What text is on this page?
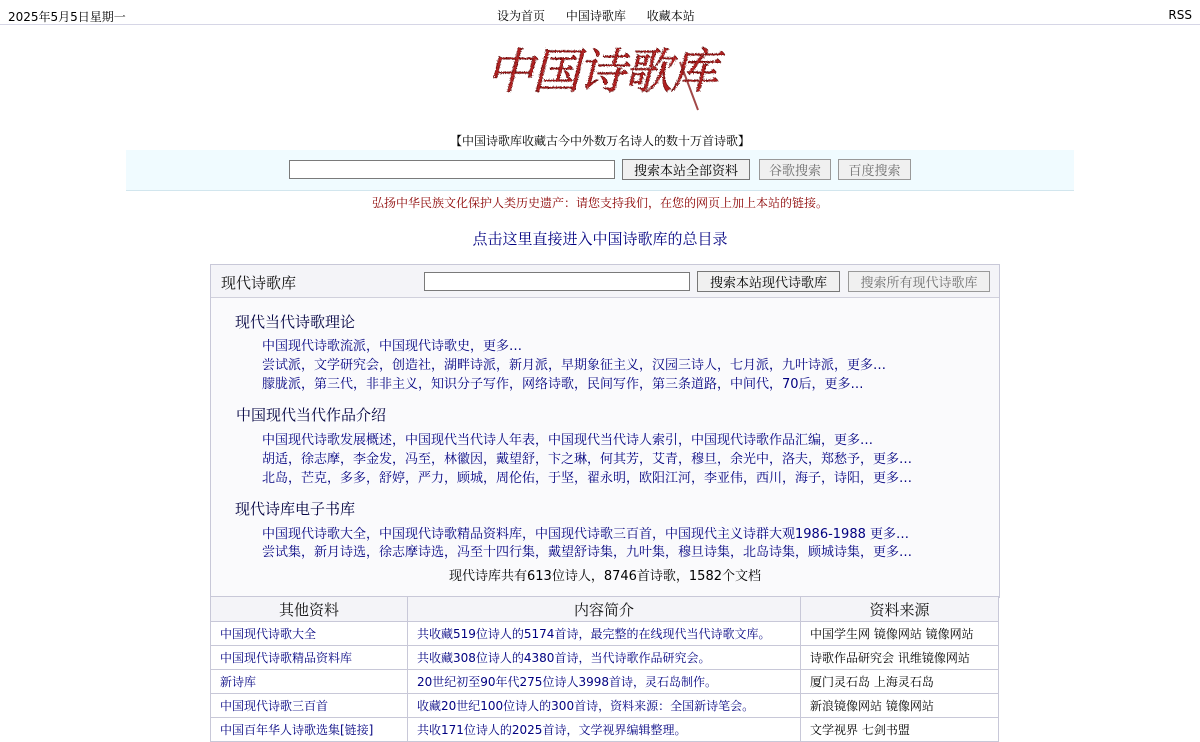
2025年5月5日星期一	设为首页 中国诗歌库 收藏本站	RSS
中国诗歌库
【中国诗歌库收藏古今中外数万名诗人的数十万首诗歌】
搜索本站全部资料	谷歌搜索	百度搜索
弘扬中华民族文化保护人类历史遗产：请您支持我们，在您的网页上加上本站的链接。
点击这里直接进入中国诗歌库的总目录
现代诗歌库	搜索本站现代诗歌库	搜索所有现代诗歌库
现代当代诗歌理论
中国现代诗歌流派，中国现代诗歌史，更多…
尝试派，文学研究会，创造社，湖畔诗派，新月派，早期象征主义，汉园三诗人，七月派，九叶诗派，更多…
朦胧派，第三代，非非主义，知识分子写作，网络诗歌，民间写作，第三条道路，中间代，70后，更多…
中国现代当代作品介绍
中国现代诗歌发展概述，中国现代当代诗人年表，中国现代当代诗人索引，中国现代诗歌作品汇编，更多…
胡适，徐志摩，李金发，冯至，林徽因，戴望舒，卞之琳，何其芳，艾青，穆旦，余光中，洛夫，郑愁予，更多…
北岛，芒克，多多，舒婷，严力，顾城，周伦佑，于坚，翟永明，欧阳江河，李亚伟，西川，海子，诗阳，更多…
现代诗库电子书库
中国现代诗歌大全，中国现代诗歌精品资料库，中国现代诗歌三百首，中国现代主义诗群大观1986-1988 更多…
尝试集，新月诗选，徐志摩诗选，冯至十四行集，戴望舒诗集，九叶集，穆旦诗集，北岛诗集，顾城诗集，更多…
现代诗库共有613位诗人，8746首诗歌，1582个文档
其他资料	内容简介	资料来源
中国现代诗歌大全	共收藏519位诗人的5174首诗，最完整的在线现代当代诗歌文库。	中国学生网 镜像网站 镜像网站
中国现代诗歌精品资料库	共收藏308位诗人的4380首诗，当代诗歌作品研究会。	诗歌作品研究会 讯维镜像网站
新诗库	20世纪初至90年代275位诗人3998首诗，灵石岛制作。	厦门灵石岛 上海灵石岛
中国现代诗歌三百首	收藏20世纪100位诗人的300首诗，资料来源：全国新诗笔会。	新浪镜像网站 镜像网站
中国百年华人诗歌选集[链接]	共收171位诗人的2025首诗，文学视界编辑整理。	文学视界 七剑书盟
